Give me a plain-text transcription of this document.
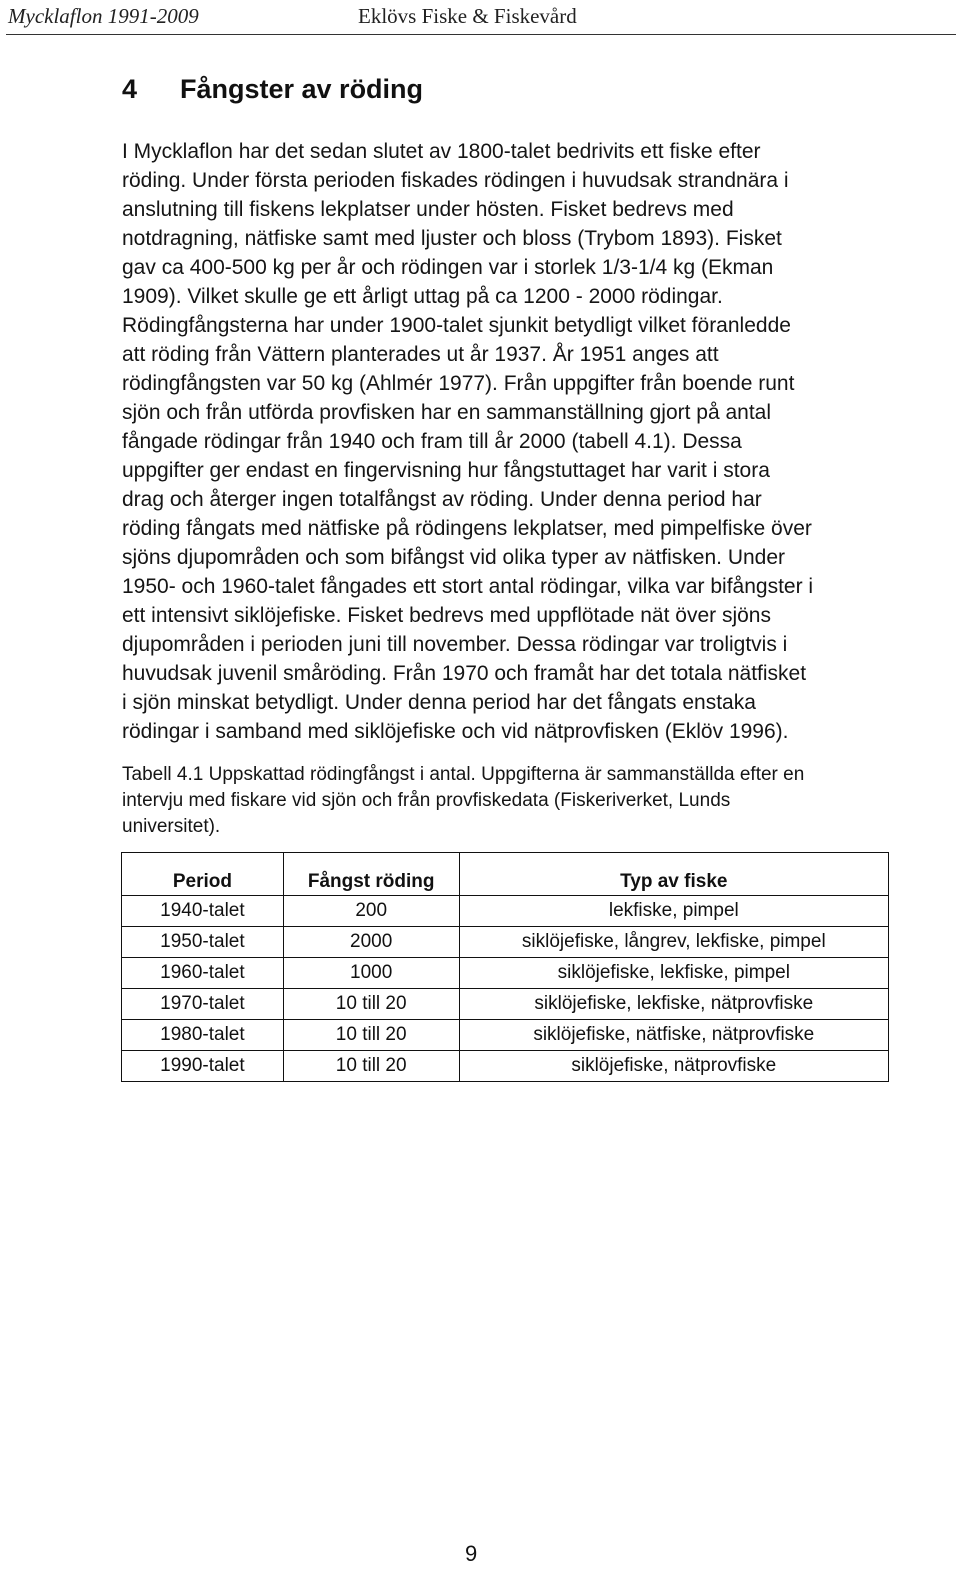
Mycklaflon 1991-2009	Eklövs Fiske & Fiskevård
4 Fångster av röding
I Mycklaflon har det sedan slutet av 1800-talet bedrivits ett fiske efter
röding. Under första perioden fiskades rödingen i huvudsak strandnära i
anslutning till fiskens lekplatser under hösten. Fisket bedrevs med
notdragning, nätfiske samt med ljuster och bloss (Trybom 1893). Fisket
gav ca 400-500 kg per år och rödingen var i storlek 1/3-1/4 kg (Ekman
1909). Vilket skulle ge ett årligt uttag på ca 1200 - 2000 rödingar.
Rödingfångsterna har under 1900-talet sjunkit betydligt vilket föranledde
att röding från Vättern planterades ut år 1937. År 1951 anges att
rödingfångsten var 50 kg (Ahlmér 1977). Från uppgifter från boende runt
sjön och från utförda provfisken har en sammanställning gjort på antal
fångade rödingar från 1940 och fram till år 2000 (tabell 4.1). Dessa
uppgifter ger endast en fingervisning hur fångstuttaget har varit i stora
drag och återger ingen totalfångst av röding. Under denna period har
röding fångats med nätfiske på rödingens lekplatser, med pimpelfiske över
sjöns djupområden och som bifångst vid olika typer av nätfisken. Under
1950- och 1960-talet fångades ett stort antal rödingar, vilka var bifångster i
ett intensivt siklöjefiske. Fisket bedrevs med uppflötade nät över sjöns
djupområden i perioden juni till november. Dessa rödingar var troligtvis i
huvudsak juvenil småröding. Från 1970 och framåt har det totala nätfisket
i sjön minskat betydligt. Under denna period har det fångats enstaka
rödingar i samband med siklöjefiske och vid nätprovfisken (Eklöv 1996).
Tabell 4.1 Uppskattad rödingfångst i antal. Uppgifterna är sammanställda efter en
intervju med fiskare vid sjön och från provfiskedata (Fiskeriverket, Lunds
universitet).
Period	Fångst röding	Typ av fiske
1940-talet	200	lekfiske, pimpel
1950-talet	2000	siklöjefiske, långrev, lekfiske, pimpel
1960-talet	1000	siklöjefiske, lekfiske, pimpel
1970-talet	10 till 20	siklöjefiske, lekfiske, nätprovfiske
1980-talet	10 till 20	siklöjefiske, nätfiske, nätprovfiske
1990-talet	10 till 20	siklöjefiske, nätprovfiske
9
